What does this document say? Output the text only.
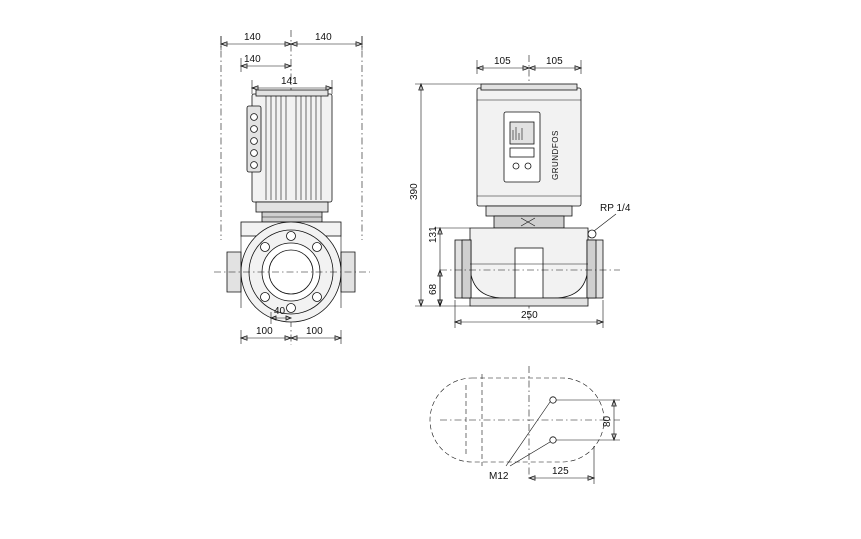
140	140
140
141
40
100	100
105	105
GRUNDFOS
RP 1/4
390
131
68
250
M12
80
125
